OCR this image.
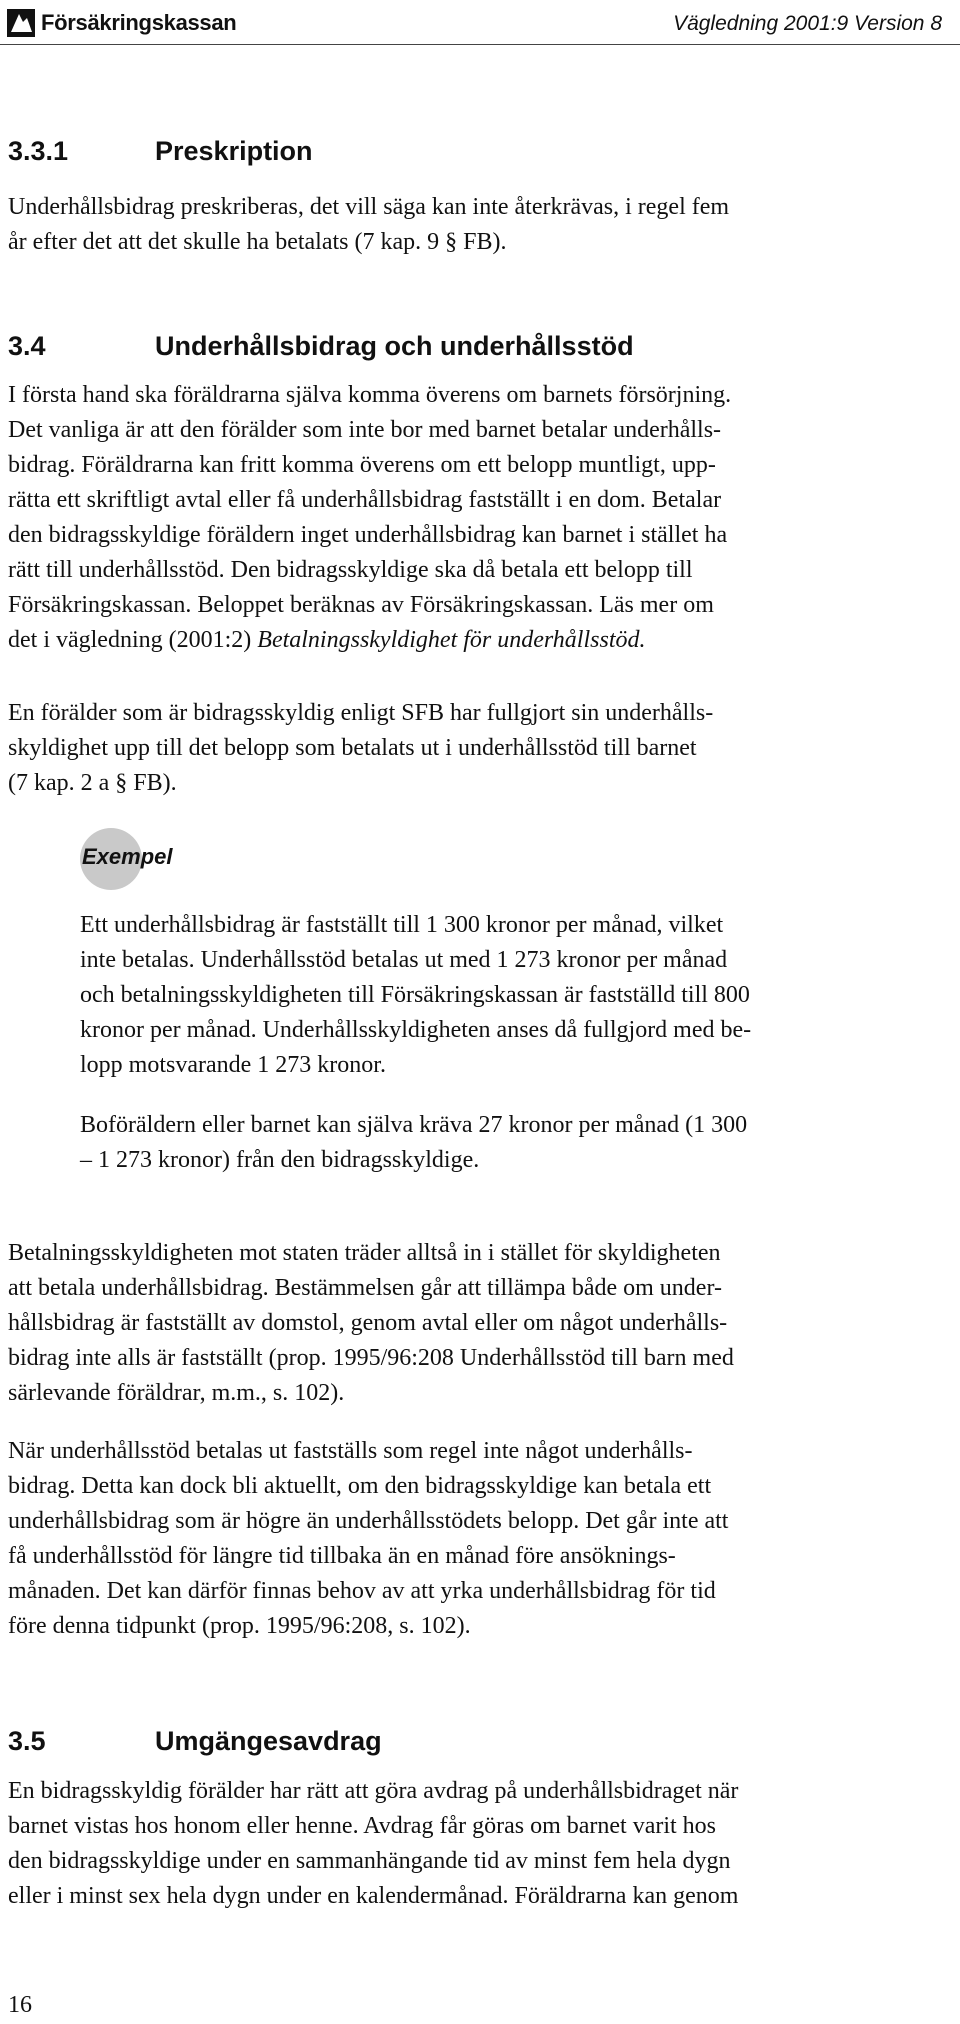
Försäkringskassan	Vägledning 2001:9 Version 8
3.3.1	Preskription

Underhållsbidrag preskriberas, det vill säga kan inte återkrävas, i regel fem
år efter det att det skulle ha betalats (7 kap. 9 § FB).

3.4	Underhållsbidrag och underhållsstöd

I första hand ska föräldrarna själva komma överens om barnets försörjning.
Det vanliga är att den förälder som inte bor med barnet betalar underhålls-
bidrag. Föräldrarna kan fritt komma överens om ett belopp muntligt, upp-
rätta ett skriftligt avtal eller få underhållsbidrag fastställt i en dom. Betalar
den bidragsskyldige föräldern inget underhållsbidrag kan barnet i stället ha
rätt till underhållsstöd. Den bidragsskyldige ska då betala ett belopp till
Försäkringskassan. Beloppet beräknas av Försäkringskassan. Läs mer om
det i vägledning (2001:2) Betalningsskyldighet för underhållsstöd.

En förälder som är bidragsskyldig enligt SFB har fullgjort sin underhålls-
skyldighet upp till det belopp som betalats ut i underhållsstöd till barnet
(7 kap. 2 a § FB).

Exempel

Ett underhållsbidrag är fastställt till 1 300 kronor per månad, vilket
inte betalas. Underhållsstöd betalas ut med 1 273 kronor per månad
och betalningsskyldigheten till Försäkringskassan är fastställd till 800
kronor per månad. Underhållsskyldigheten anses då fullgjord med be-
lopp motsvarande 1 273 kronor.

Boföräldern eller barnet kan själva kräva 27 kronor per månad (1 300
– 1 273 kronor) från den bidragsskyldige.

Betalningsskyldigheten mot staten träder alltså in i stället för skyldigheten
att betala underhållsbidrag. Bestämmelsen går att tillämpa både om under-
hållsbidrag är fastställt av domstol, genom avtal eller om något underhålls-
bidrag inte alls är fastställt (prop. 1995/96:208 Underhållsstöd till barn med
särlevande föräldrar, m.m., s. 102).

När underhållsstöd betalas ut fastställs som regel inte något underhålls-
bidrag. Detta kan dock bli aktuellt, om den bidragsskyldige kan betala ett
underhållsbidrag som är högre än underhållsstödets belopp. Det går inte att
få underhållsstöd för längre tid tillbaka än en månad före ansöknings-
månaden. Det kan därför finnas behov av att yrka underhållsbidrag för tid
före denna tidpunkt (prop. 1995/96:208, s. 102).

3.5	Umgängesavdrag

En bidragsskyldig förälder har rätt att göra avdrag på underhållsbidraget när
barnet vistas hos honom eller henne. Avdrag får göras om barnet varit hos
den bidragsskyldige under en sammanhängande tid av minst fem hela dygn
eller i minst sex hela dygn under en kalendermånad. Föräldrarna kan genom

16
